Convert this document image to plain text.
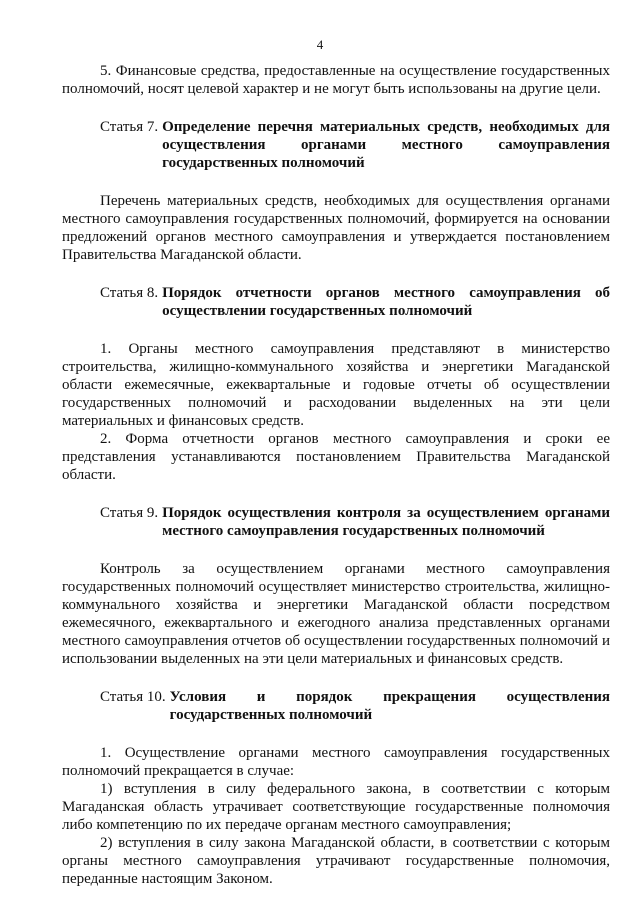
4

5. Финансовые средства, предоставленные на осуществление государственных полномочий, носят целевой характер и не могут быть использованы на другие цели.

Статья 7. Определение перечня материальных средств, необходимых для осуществления органами местного самоуправления государственных полномочий

Перечень материальных средств, необходимых для осуществления органами местного самоуправления государственных полномочий, формируется на основании предложений органов местного самоуправления и утверждается постановлением Правительства Магаданской области.

Статья 8. Порядок отчетности органов местного самоуправления об осуществлении государственных полномочий

1. Органы местного самоуправления представляют в министерство строительства, жилищно-коммунального хозяйства и энергетики Магаданской области ежемесячные, ежеквартальные и годовые отчеты об осуществлении государственных полномочий и расходовании выделенных на эти цели материальных и финансовых средств.

2. Форма отчетности органов местного самоуправления и сроки ее представления устанавливаются постановлением Правительства Магаданской области.

Статья 9. Порядок осуществления контроля за осуществлением органами местного самоуправления государственных полномочий

Контроль за осуществлением органами местного самоуправления государственных полномочий осуществляет министерство строительства, жилищно-коммунального хозяйства и энергетики Магаданской области посредством ежемесячного, ежеквартального и ежегодного анализа представленных органами местного самоуправления отчетов об осуществлении государственных полномочий и использовании выделенных на эти цели материальных и финансовых средств.

Статья 10. Условия и порядок прекращения осуществления государственных полномочий

1. Осуществление органами местного самоуправления государственных полномочий прекращается в случае:

1) вступления в силу федерального закона, в соответствии с которым Магаданская область утрачивает соответствующие государственные полномочия либо компетенцию по их передаче органам местного самоуправления;

2) вступления в силу закона Магаданской области, в соответствии с которым органы местного самоуправления утрачивают государственные полномочия, переданные настоящим Законом.
